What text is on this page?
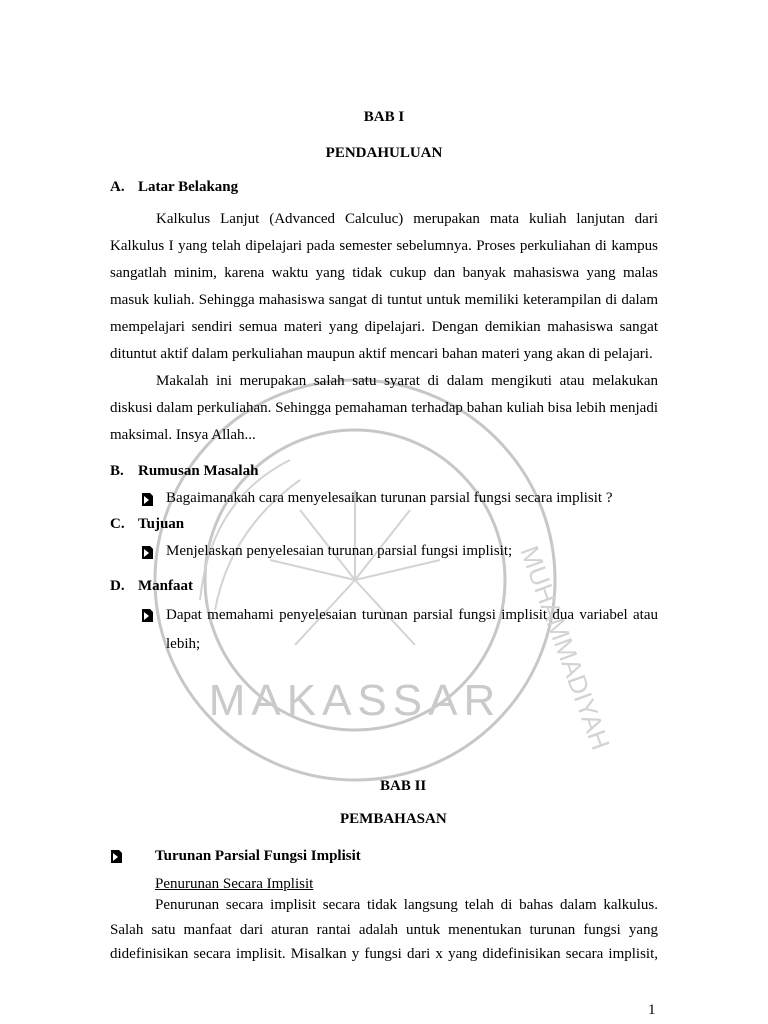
MAKASSAR MUHAMMADIYAH
BAB I
PENDAHULUAN
A. Latar Belakang
Kalkulus Lanjut (Advanced Calculuc) merupakan mata kuliah lanjutan dari
Kalkulus I yang telah dipelajari pada semester sebelumnya. Proses perkuliahan di kampus
sangatlah minim, karena waktu yang tidak cukup dan banyak mahasiswa yang malas
masuk kuliah. Sehingga mahasiswa sangat di tuntut untuk memiliki keterampilan di dalam
mempelajari sendiri semua materi yang dipelajari. Dengan demikian mahasiswa sangat
dituntut aktif dalam perkuliahan maupun aktif mencari bahan materi yang akan di pelajari.
Makalah ini merupakan salah satu syarat di dalam mengikuti atau melakukan
diskusi dalam perkuliahan. Sehingga pemahaman terhadap bahan kuliah bisa lebih menjadi
maksimal. Insya Allah...
B. Rumusan Masalah
Bagaimanakah cara menyelesaikan turunan parsial fungsi secara implisit ?
C. Tujuan
Menjelaskan penyelesaian turunan parsial fungsi implisit;
D. Manfaat
Dapat memahami penyelesaian turunan parsial fungsi implisit dua variabel atau
lebih;
BAB II
PEMBAHASAN
Turunan Parsial Fungsi Implisit
Penurunan Secara Implisit
Penurunan secara implisit secara tidak langsung telah di bahas dalam kalkulus.
Salah satu manfaat dari aturan rantai adalah untuk menentukan turunan fungsi yang
didefinisikan secara implisit. Misalkan y fungsi dari x yang didefinisikan secara implisit,
1
